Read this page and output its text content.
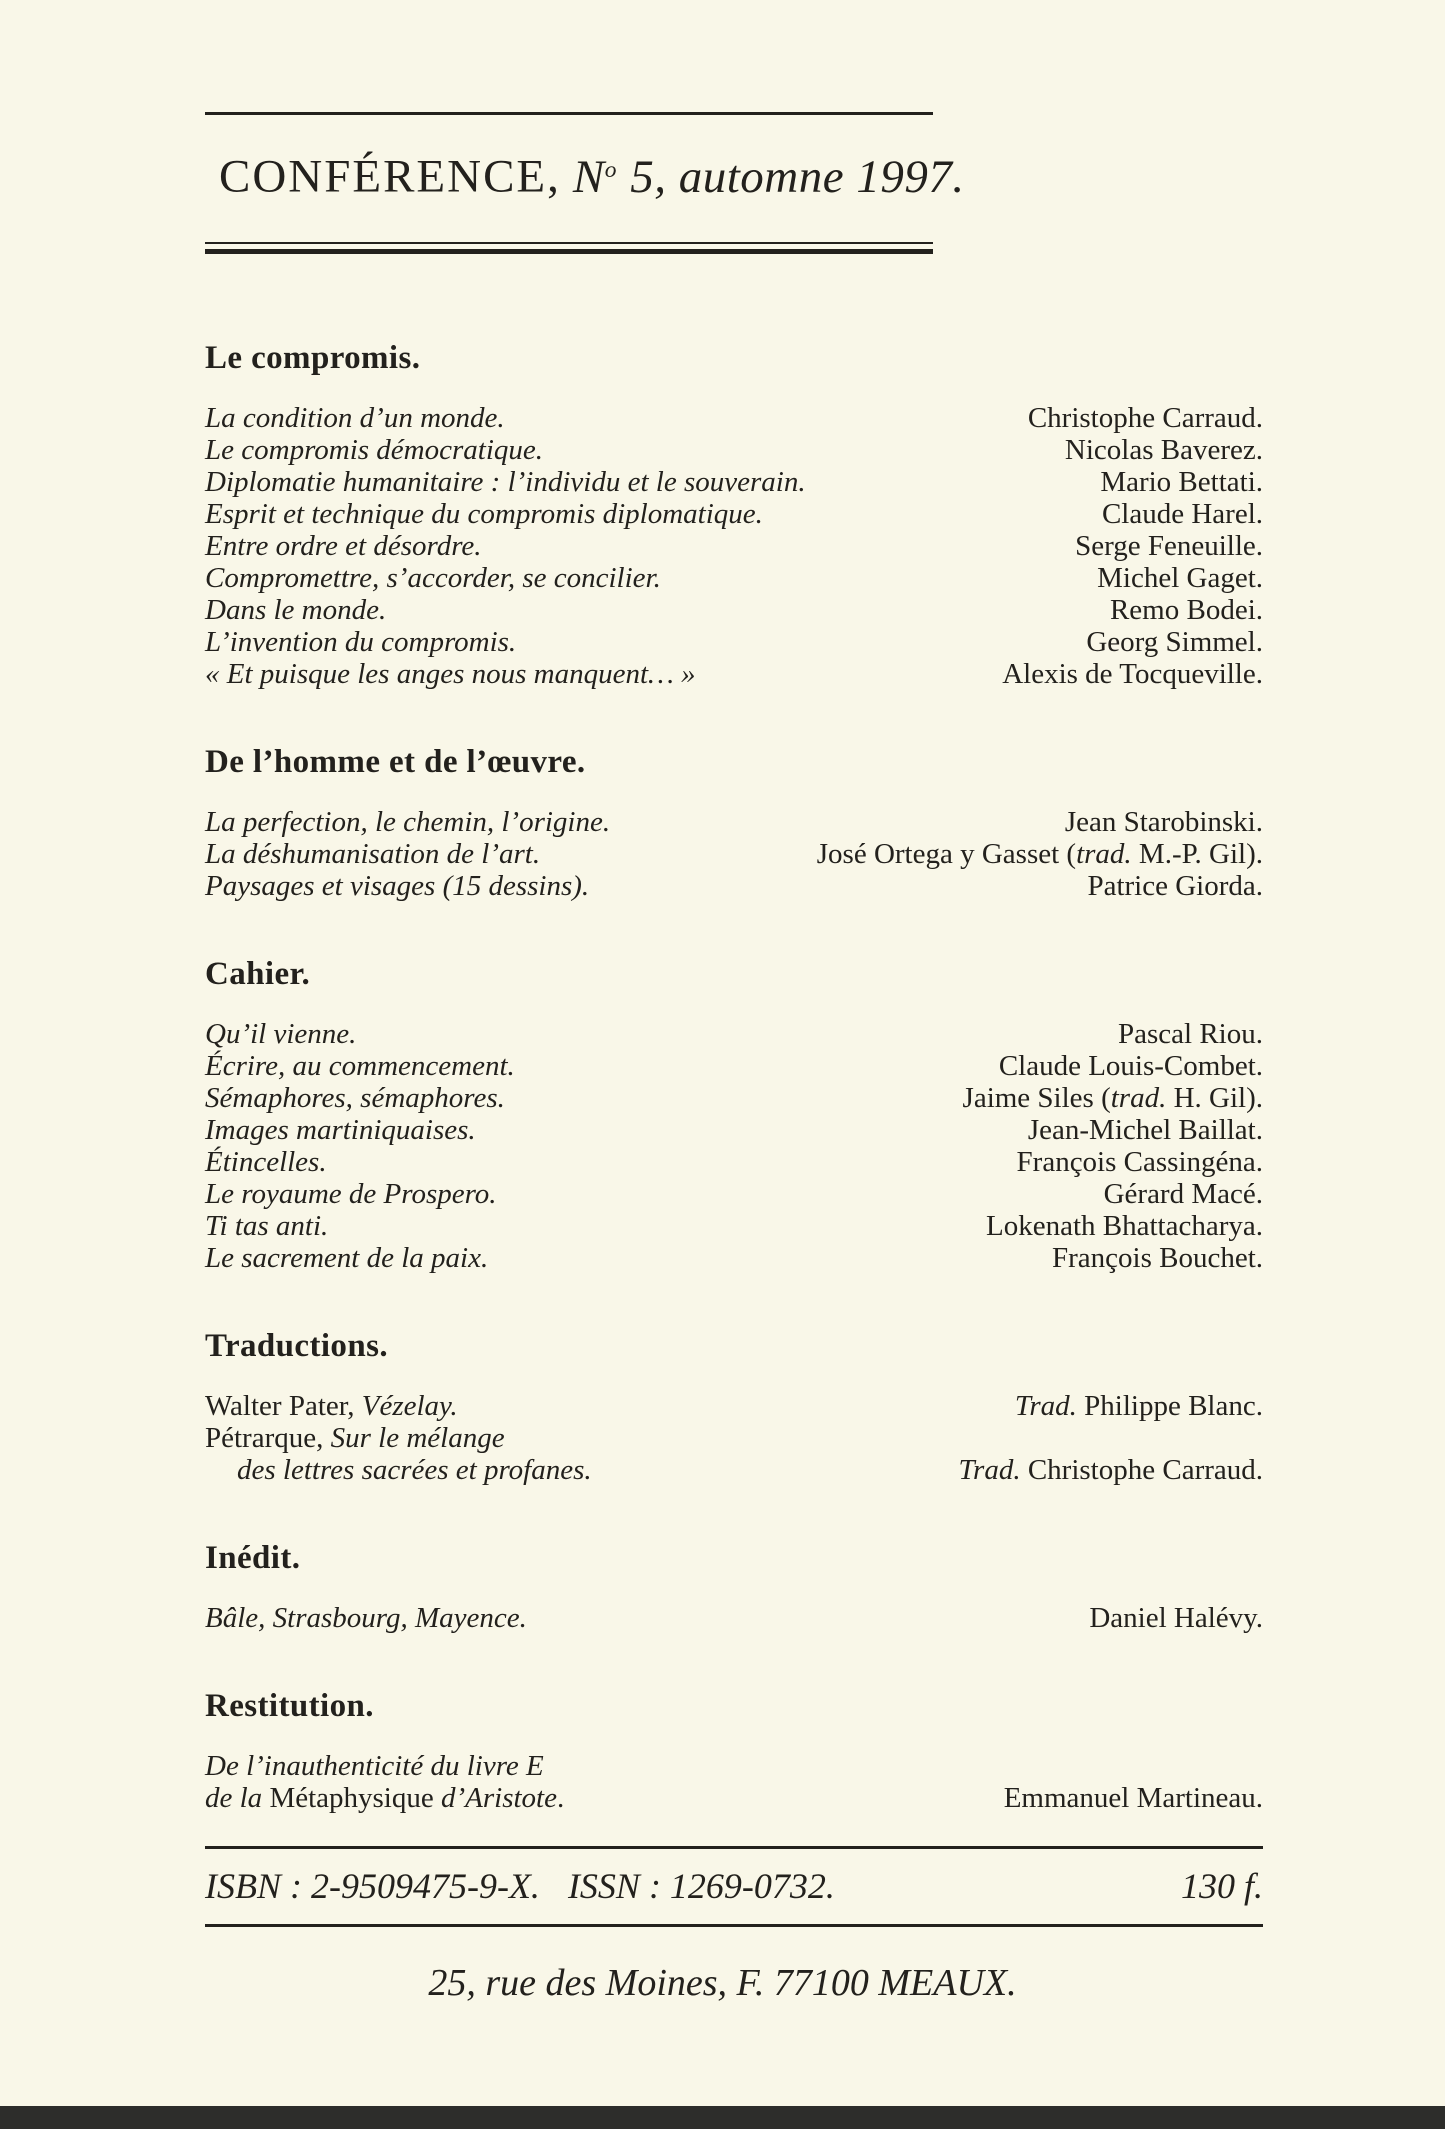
CONFÉRENCE, $N^o$ 5, automne 1997.
Le compromis.
La condition d’un monde.	Christophe Carraud.
Le compromis démocratique.	Nicolas Baverez.
Diplomatie humanitaire : l’individu et le souverain.	Mario Bettati.
Esprit et technique du compromis diplomatique.	Claude Harel.
Entre ordre et désordre.	Serge Feneuille.
Compromettre, s’accorder, se concilier.	Michel Gaget.
Dans le monde.	Remo Bodei.
L’invention du compromis.	Georg Simmel.
« Et puisque les anges nous manquent… »	Alexis de Tocqueville.
De l’homme et de l’œuvre.
La perfection, le chemin, l’origine.	Jean Starobinski.
La déshumanisation de l’art.	José Ortega y Gasset (trad. M.-P. Gil).
Paysages et visages (15 dessins).	Patrice Giorda.
Cahier.
Qu’il vienne.	Pascal Riou.
Écrire, au commencement.	Claude Louis-Combet.
Sémaphores, sémaphores.	Jaime Siles (trad. H. Gil).
Images martiniquaises.	Jean-Michel Baillat.
Étincelles.	François Cassingéna.
Le royaume de Prospero.	Gérard Macé.
Ti tas anti.	Lokenath Bhattacharya.
Le sacrement de la paix.	François Bouchet.
Traductions.
Walter Pater, Vézelay.	Trad. Philippe Blanc.
Pétrarque, Sur le mélange
des lettres sacrées et profanes.	Trad. Christophe Carraud.
Inédit.
Bâle, Strasbourg, Mayence.	Daniel Halévy.
Restitution.
De l’inauthenticité du livre E
de la Métaphysique d’Aristote.	Emmanuel Martineau.
ISBN : 2-9509475-9-X. ISSN : 1269-0732.	130 f.
25, rue des Moines, F. 77100 MEAUX.
